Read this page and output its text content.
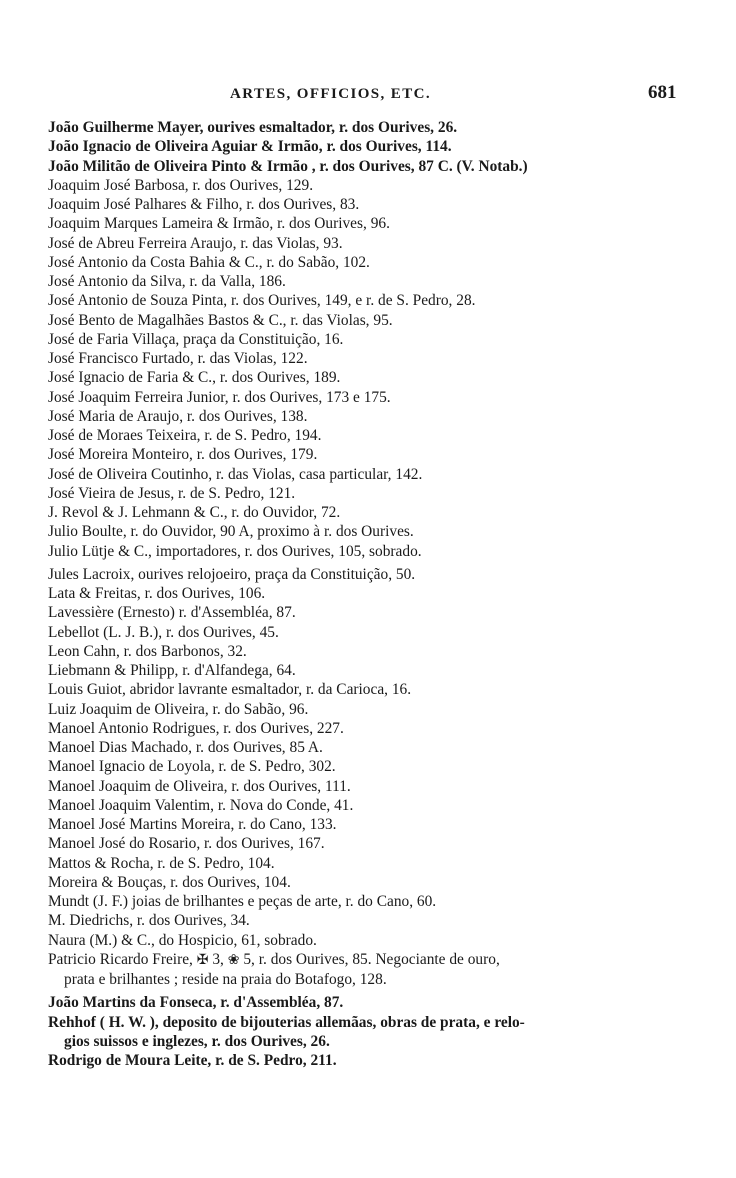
ARTES, OFFICIOS, ETC.	681
João Guilherme Mayer, ourives esmaltador, r. dos Ourives, 26.
João Ignacio de Oliveira Aguiar & Irmão, r. dos Ourives, 114.
João Militão de Oliveira Pinto & Irmão , r. dos Ourives, 87 C. (V. Notab.)
Joaquim José Barbosa, r. dos Ourives, 129.
Joaquim José Palhares & Filho, r. dos Ourives, 83.
Joaquim Marques Lameira & Irmão, r. dos Ourives, 96.
José de Abreu Ferreira Araujo, r. das Violas, 93.
José Antonio da Costa Bahia & C., r. do Sabão, 102.
José Antonio da Silva, r. da Valla, 186.
José Antonio de Souza Pinta, r. dos Ourives, 149, e r. de S. Pedro, 28.
José Bento de Magalhães Bastos & C., r. das Violas, 95.
José de Faria Villaça, praça da Constituição, 16.
José Francisco Furtado, r. das Violas, 122.
José Ignacio de Faria & C., r. dos Ourives, 189.
José Joaquim Ferreira Junior, r. dos Ourives, 173 e 175.
José Maria de Araujo, r. dos Ourives, 138.
José de Moraes Teixeira, r. de S. Pedro, 194.
José Moreira Monteiro, r. dos Ourives, 179.
José de Oliveira Coutinho, r. das Violas, casa particular, 142.
José Vieira de Jesus, r. de S. Pedro, 121.
J. Revol & J. Lehmann & C., r. do Ouvidor, 72.
Julio Boulte, r. do Ouvidor, 90 A, proximo à r. dos Ourives.
Julio Lütje & C., importadores, r. dos Ourives, 105, sobrado.
Jules Lacroix, ourives relojoeiro, praça da Constituição, 50.
Lata & Freitas, r. dos Ourives, 106.
Lavessière (Ernesto) r. d'Assembléa, 87.
Lebellot (L. J. B.), r. dos Ourives, 45.
Leon Cahn, r. dos Barbonos, 32.
Liebmann & Philipp, r. d'Alfandega, 64.
Louis Guiot, abridor lavrante esmaltador, r. da Carioca, 16.
Luiz Joaquim de Oliveira, r. do Sabão, 96.
Manoel Antonio Rodrigues, r. dos Ourives, 227.
Manoel Dias Machado, r. dos Ourives, 85 A.
Manoel Ignacio de Loyola, r. de S. Pedro, 302.
Manoel Joaquim de Oliveira, r. dos Ourives, 111.
Manoel Joaquim Valentim, r. Nova do Conde, 41.
Manoel José Martins Moreira, r. do Cano, 133.
Manoel José do Rosario, r. dos Ourives, 167.
Mattos & Rocha, r. de S. Pedro, 104.
Moreira & Bouças, r. dos Ourives, 104.
Mundt (J. F.) joias de brilhantes e peças de arte, r. do Cano, 60.
M. Diedrichs, r. dos Ourives, 34.
Naura (M.) & C., do Hospicio, 61, sobrado.
Patricio Ricardo Freire, ✠ 3, ❀ 5, r. dos Ourives, 85. Negociante de ouro,
prata e brilhantes ; reside na praia do Botafogo, 128.
João Martins da Fonseca, r. d'Assembléa, 87.
Rehhof ( H. W. ), deposito de bijouterias allemãas, obras de prata, e relo-
gios suissos e inglezes, r. dos Ourives, 26.
Rodrigo de Moura Leite, r. de S. Pedro, 211.
